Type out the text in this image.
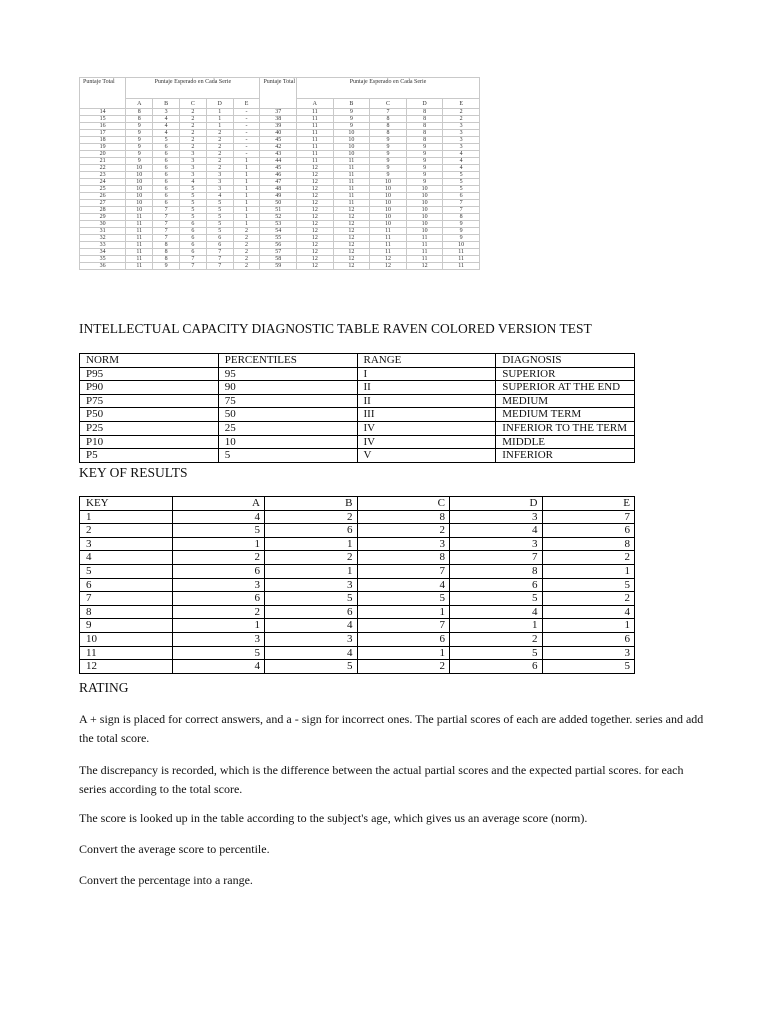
Puntaje Total	Puntaje Esperado en Cada Serie					Puntaje Total	Puntaje Esperado en Cada Serie				
	A	B	C	D	E		A	B	C	D	E
14	8	3	2	1	-	37	11	9	7	8	2
15	8	4	2	1	-	38	11	9	8	8	2
16	9	4	2	1	-	39	11	9	8	8	3
17	9	4	2	2	-	40	11	10	8	8	3
18	9	5	2	2	-	45	11	10	9	8	3
19	9	6	2	2	-	42	11	10	9	9	3
20	9	6	3	2	-	43	11	10	9	9	4
21	9	6	3	2	1	44	11	11	9	9	4
22	10	6	3	2	1	45	12	11	9	9	4
23	10	6	3	3	1	46	12	11	9	9	5
24	10	6	4	3	1	47	12	11	10	9	5
25	10	6	5	3	1	48	12	11	10	10	5
26	10	6	5	4	1	49	12	11	10	10	6
27	10	6	5	5	1	50	12	11	10	10	7
28	10	7	5	5	1	51	12	12	10	10	7
29	11	7	5	5	1	52	12	12	10	10	8
30	11	7	6	5	1	53	12	12	10	10	9
31	11	7	6	5	2	54	12	12	11	10	9
32	11	7	6	6	2	55	12	12	11	11	9
33	11	8	6	6	2	56	12	12	11	11	10
34	11	8	6	7	2	57	12	12	11	11	11
35	11	8	7	7	2	58	12	12	12	11	11
36	11	9	7	7	2	59	12	12	12	12	11
INTELLECTUAL CAPACITY DIAGNOSTIC TABLE RAVEN COLORED VERSION TEST
NORM	PERCENTILES	RANGE	DIAGNOSIS
P95	95	I	SUPERIOR
P90	90	II	SUPERIOR AT THE END
P75	75	II	MEDIUM
P50	50	III	MEDIUM TERM
P25	25	IV	INFERIOR TO THE TERM
P10	10	IV	MIDDLE
P5	5	V	INFERIOR
KEY OF RESULTS
KEY	A	B	C	D	E
1	4	2	8	3	7
2	5	6	2	4	6
3	1	1	3	3	8
4	2	2	8	7	2
5	6	1	7	8	1
6	3	3	4	6	5
7	6	5	5	5	2
8	2	6	1	4	4
9	1	4	7	1	1
10	3	3	6	2	6
11	5	4	1	5	3
12	4	5	2	6	5
RATING
A + sign is placed for correct answers, and a - sign for incorrect ones. The partial scores of each are added together. series and add the total score.
The discrepancy is recorded, which is the difference between the actual partial scores and the expected partial scores. for each series according to the total score.
The score is looked up in the table according to the subject's age, which gives us an average score (norm).
Convert the average score to percentile.
Convert the percentage into a range.
